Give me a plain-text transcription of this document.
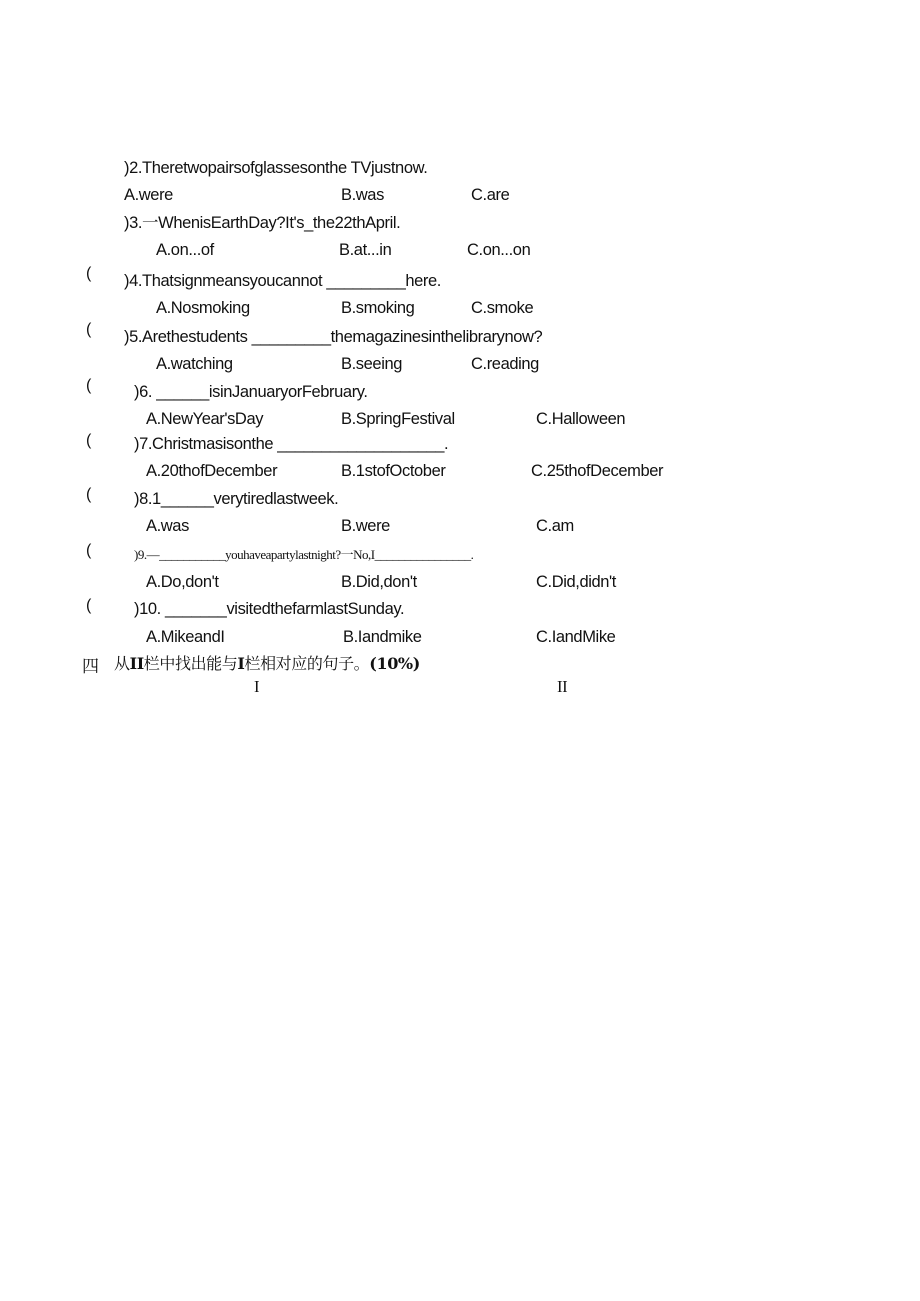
)2.Theretwopairsofglassesonthe TVjustnow.
A.were	B.was	C.are
)3.一WhenisEarthDay?It's_the22thApril.
A.on...of	B.at...in	C.on...on
( )4.Thatsignmeansyoucannot _________here.
A.Nosmoking	B.smoking	C.smoke
( )5.Arethestudents _________themagazinesinthelibrarynow?
A.watching	B.seeing	C.reading
(	)6. ______isinJanuaryorFebruary.
A.NewYear'sDay	B.SpringFestival	C.Halloween
(	)7.Christmasisonthe ___________________.
A.20thofDecember	B.1stofOctober	C.25thofDecember
(	)8.1______verytiredlastweek.
A.was	B.were	C.am
(	)9.—___________youhaveapartylastnight?一No,I________________.
A.Do,don't	B.Did,don't	C.Did,didn't
(	)10. _______visitedthefarmlastSunday.
A.MikeandI	B.Iandmike	C.IandMike
四 从II栏中找出能与I栏相对应的句子。(10%)
I	II
